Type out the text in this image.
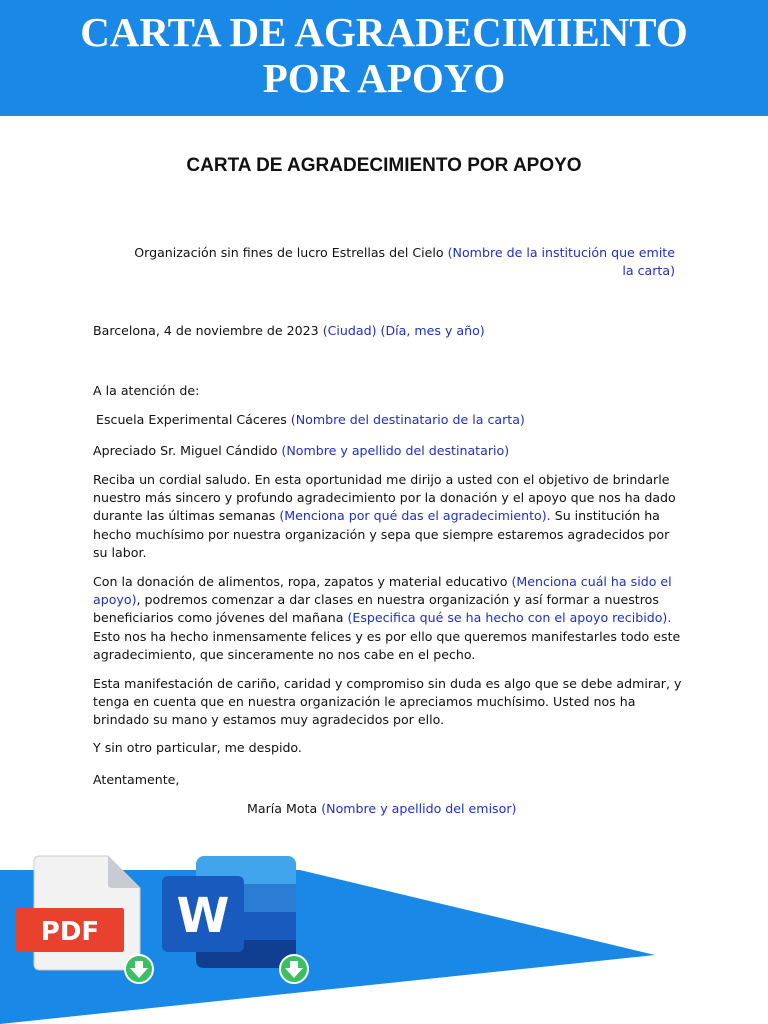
CARTA DE AGRADECIMIENTO
POR APOYO
CARTA DE AGRADECIMIENTO POR APOYO
Organización sin fines de lucro Estrellas del Cielo (Nombre de la institución que emite la carta)
Barcelona, 4 de noviembre de 2023 (Ciudad) (Día, mes y año)
A la atención de:
Escuela Experimental Cáceres (Nombre del destinatario de la carta)
Apreciado Sr. Miguel Cándido (Nombre y apellido del destinatario)
Reciba un cordial saludo. En esta oportunidad me dirijo a usted con el objetivo de brindarle nuestro más sincero y profundo agradecimiento por la donación y el apoyo que nos ha dado durante las últimas semanas (Menciona por qué das el agradecimiento). Su institución ha hecho muchísimo por nuestra organización y sepa que siempre estaremos agradecidos por su labor.
Con la donación de alimentos, ropa, zapatos y material educativo (Menciona cuál ha sido el apoyo), podremos comenzar a dar clases en nuestra organización y así formar a nuestros beneficiarios como jóvenes del mañana (Especifica qué se ha hecho con el apoyo recibido). Esto nos ha hecho inmensamente felices y es por ello que queremos manifestarles todo este agradecimiento, que sinceramente no nos cabe en el pecho.
Esta manifestación de cariño, caridad y compromiso sin duda es algo que se debe admirar, y tenga en cuenta que en nuestra organización le apreciamos muchísimo. Usted nos ha brindado su mano y estamos muy agradecidos por ello.
Y sin otro particular, me despido.
Atentamente,
María Mota (Nombre y apellido del emisor)
PDF W
